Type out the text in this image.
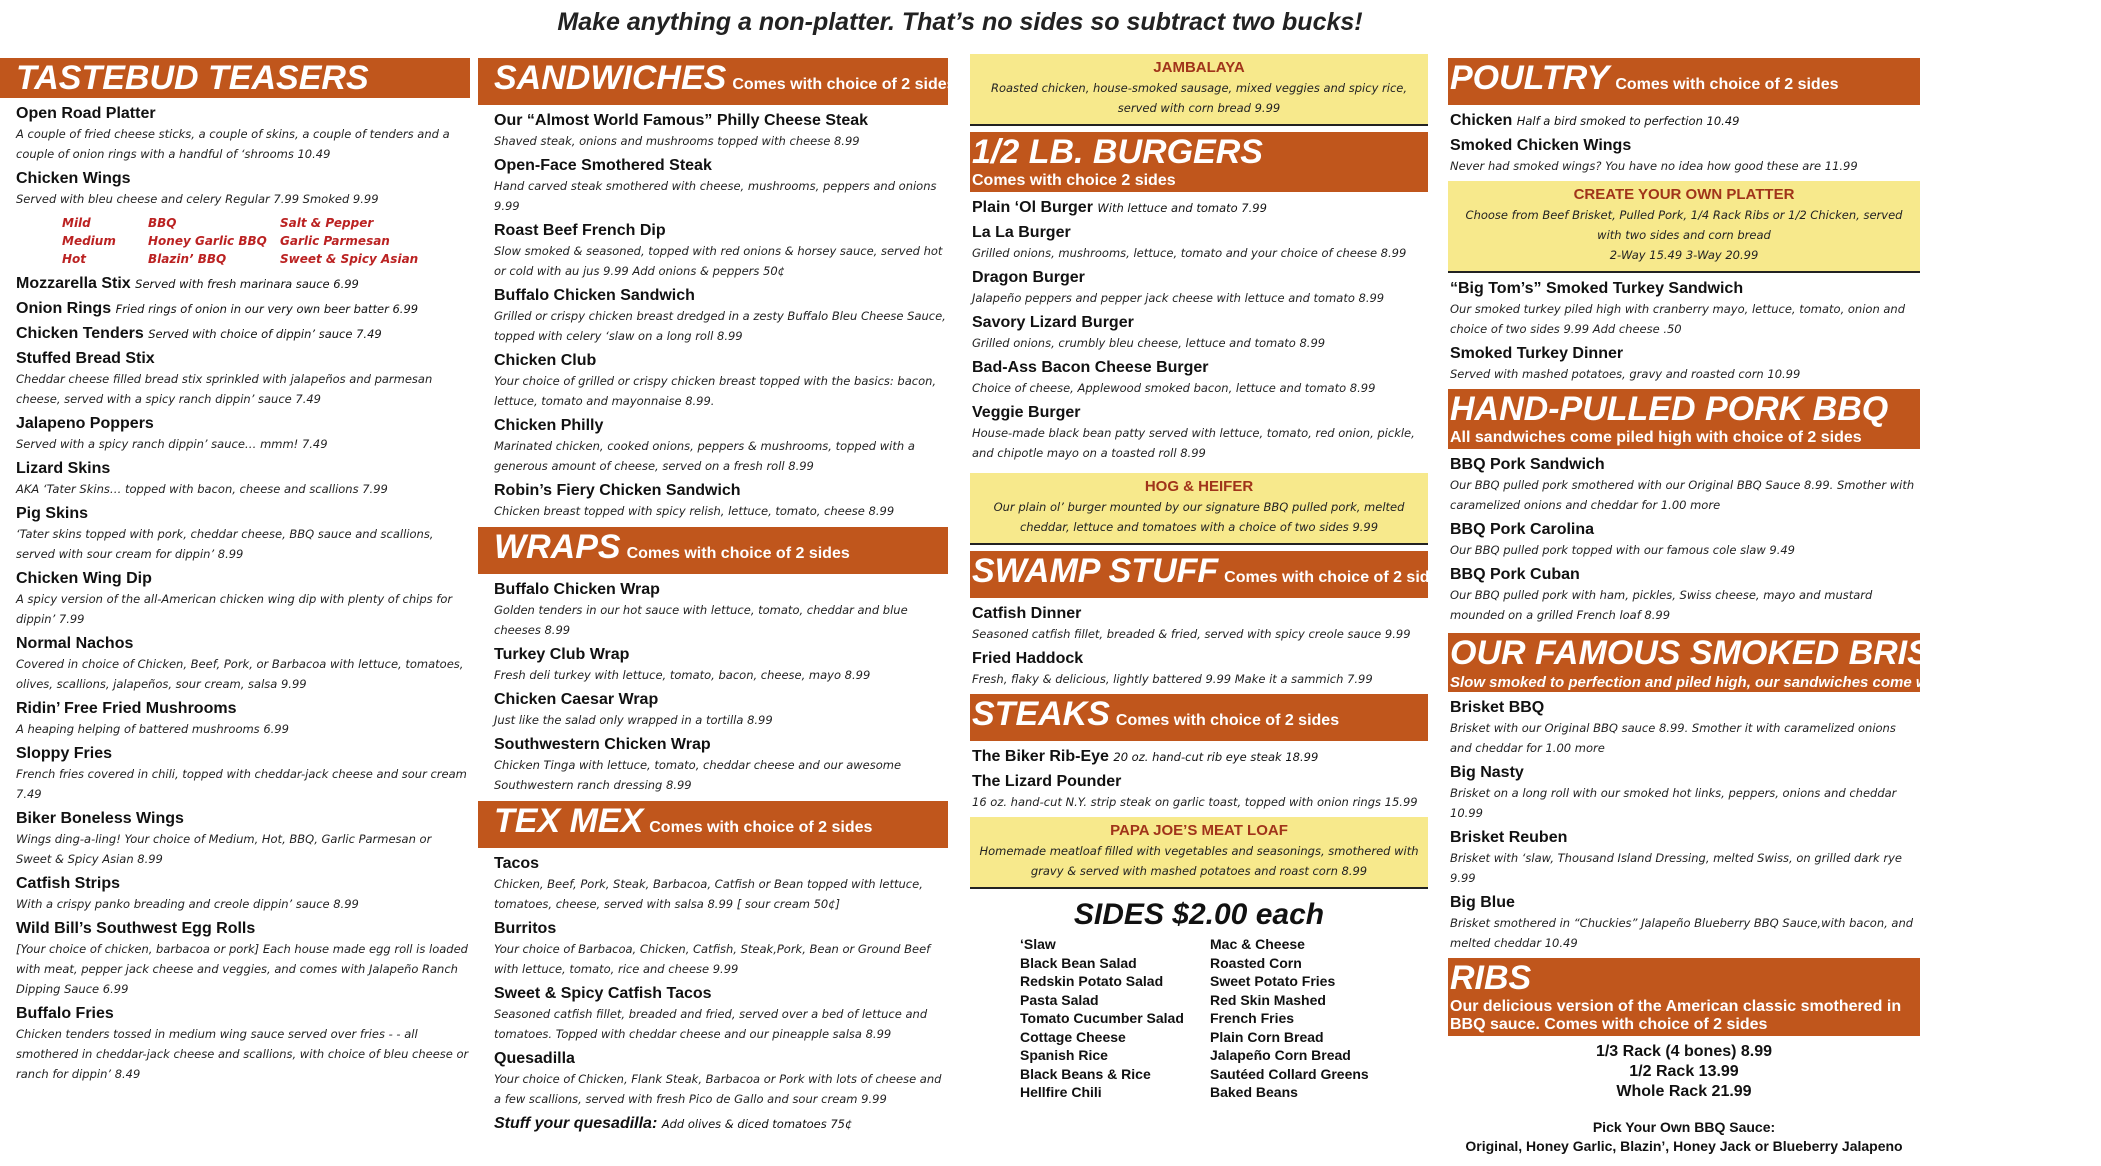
Make anything a non-platter. That’s no sides so subtract two bucks!
TASTEBUD TEASERS
Open Road Platter
A couple of fried cheese sticks, a couple of skins, a couple of tenders and a couple of onion rings with a handful of ‘shrooms 10.49
Chicken Wings
Served with bleu cheese and celery Regular 7.99 Smoked 9.99
Mild	BBQ	Salt & Pepper
Medium	Honey Garlic BBQ	Garlic Parmesan
Hot	Blazin’ BBQ	Sweet & Spicy Asian
Mozzarella Stix Served with fresh marinara sauce 6.99
Onion Rings Fried rings of onion in our very own beer batter 6.99
Chicken Tenders Served with choice of dippin’ sauce 7.49
Stuffed Bread Stix
Cheddar cheese filled bread stix sprinkled with jalapeños and parmesan cheese, served with a spicy ranch dippin’ sauce 7.49
Jalapeno Poppers
Served with a spicy ranch dippin’ sauce… mmm! 7.49
Lizard Skins
AKA ‘Tater Skins… topped with bacon, cheese and scallions 7.99
Pig Skins
‘Tater skins topped with pork, cheddar cheese, BBQ sauce and scallions, served with sour cream for dippin’ 8.99
Chicken Wing Dip
A spicy version of the all-American chicken wing dip with plenty of chips for dippin’ 7.99
Normal Nachos
Covered in choice of Chicken, Beef, Pork, or Barbacoa with lettuce, tomatoes, olives, scallions, jalapeños, sour cream, salsa 9.99
Ridin’ Free Fried Mushrooms
A heaping helping of battered mushrooms 6.99
Sloppy Fries
French fries covered in chili, topped with cheddar-jack cheese and sour cream 7.49
Biker Boneless Wings
Wings ding-a-ling! Your choice of Medium, Hot, BBQ, Garlic Parmesan or Sweet & Spicy Asian 8.99
Catfish Strips
With a crispy panko breading and creole dippin’ sauce 8.99
Wild Bill’s Southwest Egg Rolls
[Your choice of chicken, barbacoa or pork] Each house made egg roll is loaded with meat, pepper jack cheese and veggies, and comes with Jalapeño Ranch Dipping Sauce 6.99
Buffalo Fries
Chicken tenders tossed in medium wing sauce served over fries - - all smothered in cheddar-jack cheese and scallions, with choice of bleu cheese or ranch for dippin’ 8.49
SANDWICHES Comes with choice of 2 sides
Our “Almost World Famous” Philly Cheese Steak
Shaved steak, onions and mushrooms topped with cheese 8.99
Open-Face Smothered Steak
Hand carved steak smothered with cheese, mushrooms, peppers and onions 9.99
Roast Beef French Dip
Slow smoked & seasoned, topped with red onions & horsey sauce, served hot or cold with au jus 9.99 Add onions & peppers 50¢
Buffalo Chicken Sandwich
Grilled or crispy chicken breast dredged in a zesty Buffalo Bleu Cheese Sauce, topped with celery ‘slaw on a long roll 8.99
Chicken Club
Your choice of grilled or crispy chicken breast topped with the basics: bacon, lettuce, tomato and mayonnaise 8.99.
Chicken Philly
Marinated chicken, cooked onions, peppers & mushrooms, topped with a generous amount of cheese, served on a fresh roll 8.99
Robin’s Fiery Chicken Sandwich
Chicken breast topped with spicy relish, lettuce, tomato, cheese 8.99
WRAPS Comes with choice of 2 sides
Buffalo Chicken Wrap
Golden tenders in our hot sauce with lettuce, tomato, cheddar and blue cheeses 8.99
Turkey Club Wrap
Fresh deli turkey with lettuce, tomato, bacon, cheese, mayo 8.99
Chicken Caesar Wrap
Just like the salad only wrapped in a tortilla 8.99
Southwestern Chicken Wrap
Chicken Tinga with lettuce, tomato, cheddar cheese and our awesome Southwestern ranch dressing 8.99
TEX MEX Comes with choice of 2 sides
Tacos
Chicken, Beef, Pork, Steak, Barbacoa, Catfish or Bean topped with lettuce, tomatoes, cheese, served with salsa 8.99 [ sour cream 50¢]
Burritos
Your choice of Barbacoa, Chicken, Catfish, Steak,Pork, Bean or Ground Beef with lettuce, tomato, rice and cheese 9.99
Sweet & Spicy Catfish Tacos
Seasoned catfish fillet, breaded and fried, served over a bed of lettuce and tomatoes. Topped with cheddar cheese and our pineapple salsa 8.99
Quesadilla
Your choice of Chicken, Flank Steak, Barbacoa or Pork with lots of cheese and a few scallions, served with fresh Pico de Gallo and sour cream 9.99
Stuff your quesadilla: Add olives & diced tomatoes 75¢
JAMBALAYA
Roasted chicken, house-smoked sausage, mixed veggies and spicy rice, served with corn bread 9.99
1/2 LB. BURGERS
Comes with choice 2 sides
Plain ‘Ol Burger With lettuce and tomato 7.99
La La Burger
Grilled onions, mushrooms, lettuce, tomato and your choice of cheese 8.99
Dragon Burger
Jalapeño peppers and pepper jack cheese with lettuce and tomato 8.99
Savory Lizard Burger
Grilled onions, crumbly bleu cheese, lettuce and tomato 8.99
Bad-Ass Bacon Cheese Burger
Choice of cheese, Applewood smoked bacon, lettuce and tomato 8.99
Veggie Burger
House-made black bean patty served with lettuce, tomato, red onion, pickle, and chipotle mayo on a toasted roll 8.99
HOG & HEIFER
Our plain ol’ burger mounted by our signature BBQ pulled pork, melted cheddar, lettuce and tomatoes with a choice of two sides 9.99
SWAMP STUFF Comes with choice of 2 sides
Catfish Dinner
Seasoned catfish fillet, breaded & fried, served with spicy creole sauce 9.99
Fried Haddock
Fresh, flaky & delicious, lightly battered 9.99 Make it a sammich 7.99
STEAKS Comes with choice of 2 sides
The Biker Rib-Eye 20 oz. hand-cut rib eye steak 18.99
The Lizard Pounder
16 oz. hand-cut N.Y. strip steak on garlic toast, topped with onion rings 15.99
PAPA JOE’S MEAT LOAF
Homemade meatloaf filled with vegetables and seasonings, smothered with gravy & served with mashed potatoes and roast corn 8.99
SIDES $2.00 each
‘Slaw
Black Bean Salad
Redskin Potato Salad
Pasta Salad
Tomato Cucumber Salad
Cottage Cheese
Spanish Rice
Black Beans & Rice
Hellfire Chili
Mac & Cheese
Roasted Corn
Sweet Potato Fries
Red Skin Mashed
French Fries
Plain Corn Bread
Jalapeño Corn Bread
Sautéed Collard Greens
Baked Beans
POULTRY Comes with choice of 2 sides
Chicken Half a bird smoked to perfection 10.49
Smoked Chicken Wings
Never had smoked wings? You have no idea how good these are 11.99
CREATE YOUR OWN PLATTER
Choose from Beef Brisket, Pulled Pork, 1/4 Rack Ribs or 1/2 Chicken, served with two sides and corn bread
2-Way 15.49 3-Way 20.99
“Big Tom’s” Smoked Turkey Sandwich
Our smoked turkey piled high with cranberry mayo, lettuce, tomato, onion and choice of two sides 9.99 Add cheese .50
Smoked Turkey Dinner
Served with mashed potatoes, gravy and roasted corn 10.99
HAND-PULLED PORK BBQ
All sandwiches come piled high with choice of 2 sides
BBQ Pork Sandwich
Our BBQ pulled pork smothered with our Original BBQ Sauce 8.99. Smother with caramelized onions and cheddar for 1.00 more
BBQ Pork Carolina
Our BBQ pulled pork topped with our famous cole slaw 9.49
BBQ Pork Cuban
Our BBQ pulled pork with ham, pickles, Swiss cheese, mayo and mustard mounded on a grilled French loaf 8.99
OUR FAMOUS SMOKED BRISKET
Slow smoked to perfection and piled high, our sandwiches come with a choice of two sides
Brisket BBQ
Brisket with our Original BBQ sauce 8.99. Smother it with caramelized onions and cheddar for 1.00 more
Big Nasty
Brisket on a long roll with our smoked hot links, peppers, onions and cheddar 10.99
Brisket Reuben
Brisket with ‘slaw, Thousand Island Dressing, melted Swiss, on grilled dark rye 9.99
Big Blue
Brisket smothered in “Chuckies” Jalapeño Blueberry BBQ Sauce,with bacon, and melted cheddar 10.49
RIBS
Our delicious version of the American classic smothered in BBQ sauce. Comes with choice of 2 sides
1/3 Rack (4 bones) 8.99
1/2 Rack 13.99
Whole Rack 21.99
Pick Your Own BBQ Sauce:
Original, Honey Garlic, Blazin’, Honey Jack or Blueberry Jalapeno
